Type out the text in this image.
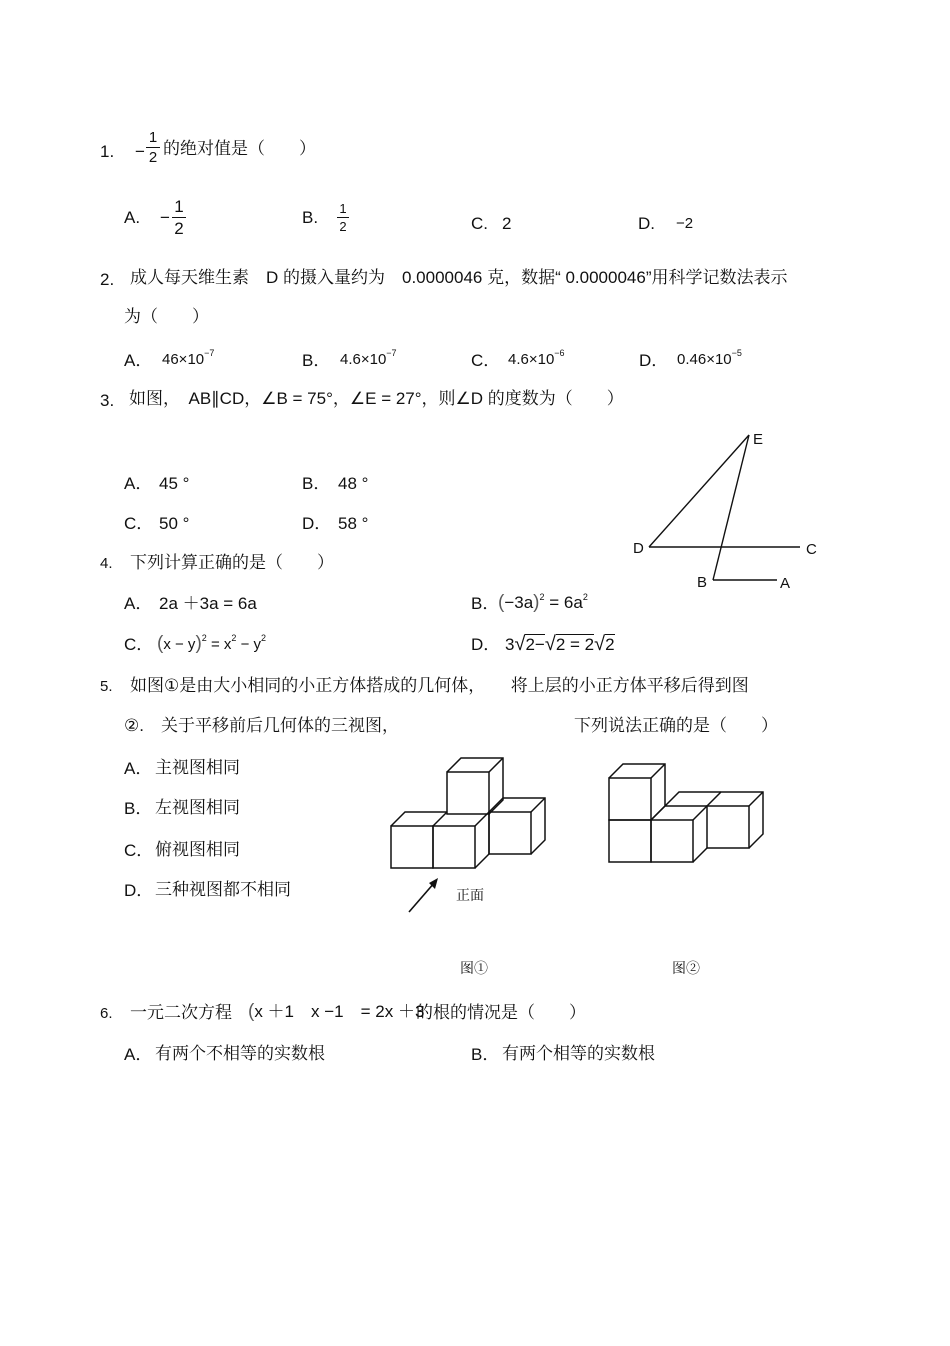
1. −
1
2 的绝对值是（　　）
A. −
1
2
B. 1
2	C. 2	D. −2
2. 成人每天维生素　D 的摄入量约为　0.0000046 克，数据“ 0.0000046”用科学记数法表示
为（　　）
A． $46\times 10^{-7}$	B． $4.6\times 10^{-7}$	C． $4.6\times 10^{-6}$	D． $0.46\times 10^{-5}$
3. 如图，　AB∥CD，∠B = 75°，∠E = 27°，则∠D 的度数为（　　）
A． 45 °	B． 48 °
C． 50 °	D． 58 °
E
D	C
B	A
4. 下列计算正确的是（　　）
A． 2a ＋3a = 6a	B．
$(-3a)^2 = 6a^2$
C． $(x - y)^2 = x^2 - y^2$	D． 3√2−√2 = 2√2
5. 如图①是由大小相同的小正方体搭成的几何体，　　将上层的小正方体平移后得到图
②.　关于平移前后几何体的三视图，	下列说法正确的是（　　）
A． 主视图相同
B． 左视图相同
C． 俯视图相同
D． 三种视图都不相同	正面
图①	图②
6. 一元二次方程 (x ＋1　x −1　= 2x ＋3
的根的情况是（　　）
A． 有两个不相等的实数根	B． 有两个相等的实数根
